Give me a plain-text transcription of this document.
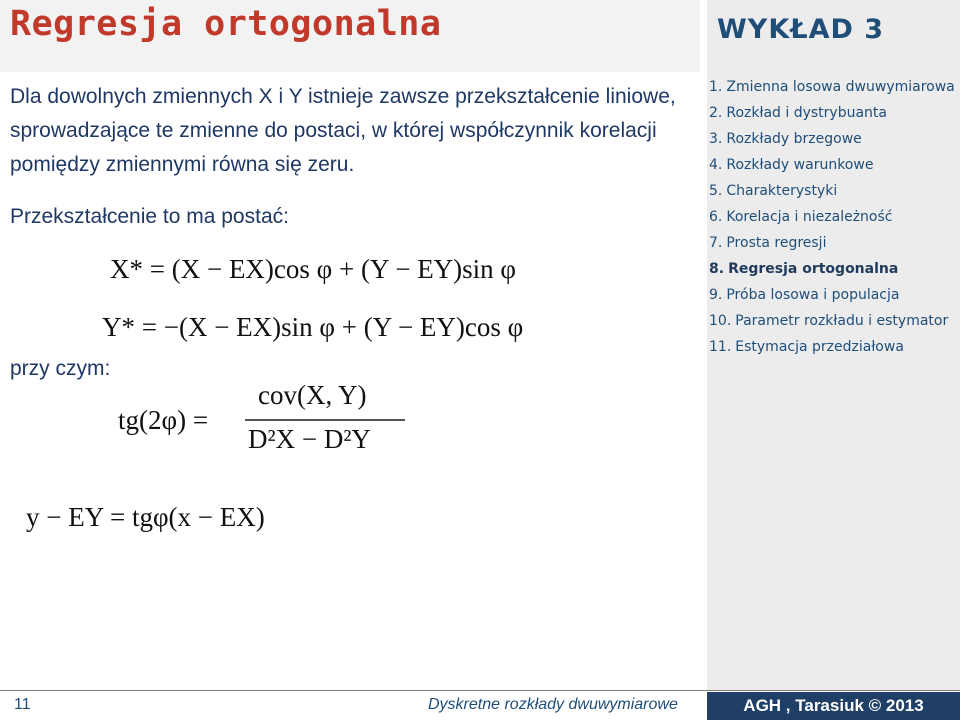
Regresja ortogonalna	WYKŁAD 3
1. Zmienna losowa dwuwymiarowa
2. Rozkład i dystrybuanta
3. Rozkłady brzegowe
4. Rozkłady warunkowe
5. Charakterystyki
6. Korelacja i niezależność
7. Prosta regresji
8. Regresja ortogonalna
9. Próba losowa i populacja
10. Parametr rozkładu i estymator
11. Estymacja przedziałowa
Dla dowolnych zmiennych X i Y istnieje zawsze przekształcenie liniowe, sprowadzające te zmienne do postaci, w której współczynnik korelacji pomiędzy zmiennymi równa się zeru.
Przekształcenie to ma postać:
X* = (X − EX)cos φ + (Y − EY)sin φ
Y* = −(X − EX)sin φ + (Y − EY)cos φ
przy czym:
tg(2φ) =
cov(X, Y)
D²X − D²Y
y − EY = tgφ(x − EX)
11	Dyskretne rozkłady dwuwymiarowe	AGH , Tarasiuk © 2013
